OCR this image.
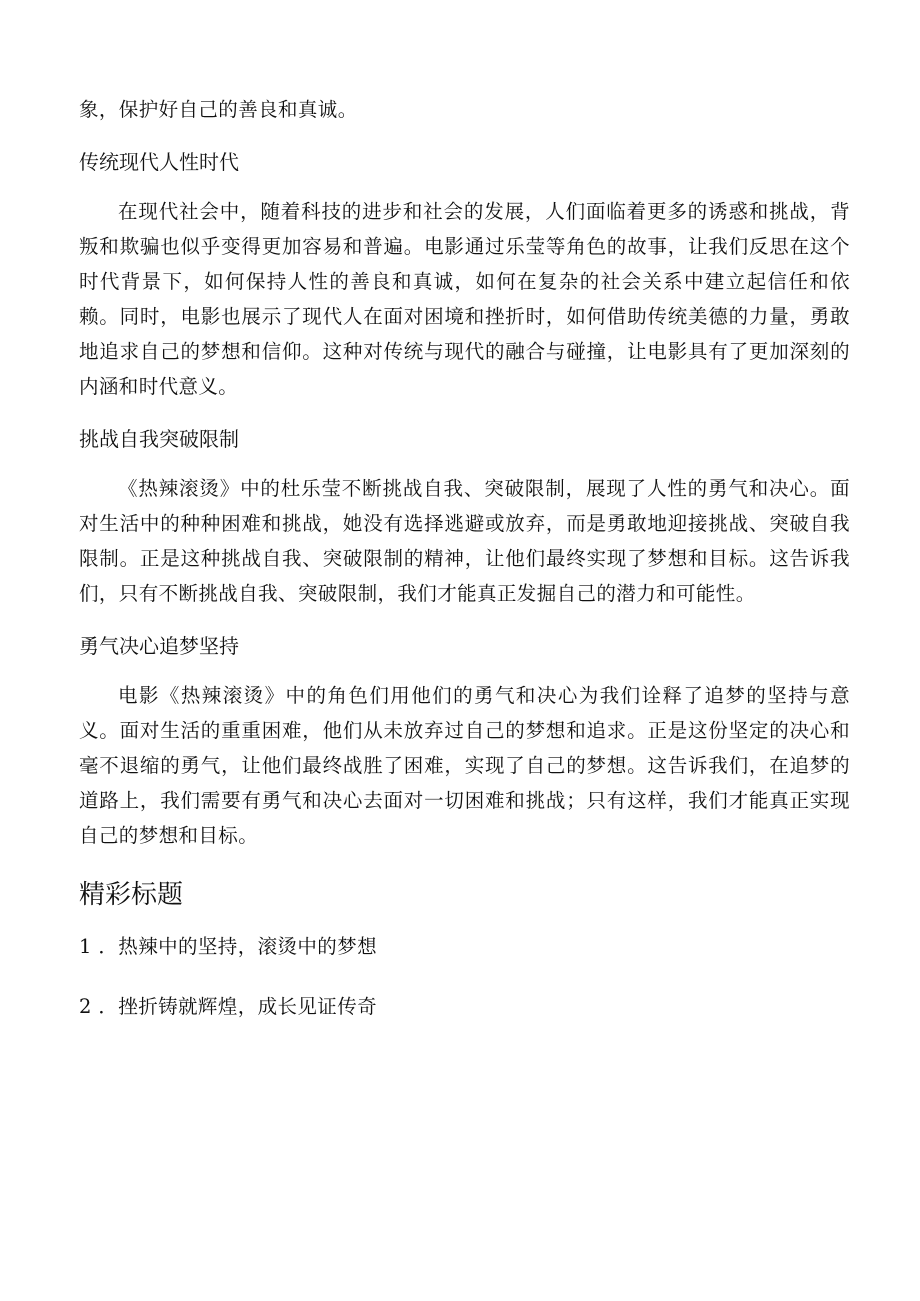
象，保护好自己的善良和真诚。

传统现代人性时代

在现代社会中，随着科技的进步和社会的发展，人们面临着更多的诱惑和挑战，背叛和欺骗也似乎变得更加容易和普遍。电影通过乐莹等角色的故事，让我们反思在这个时代背景下，如何保持人性的善良和真诚，如何在复杂的社会关系中建立起信任和依赖。同时，电影也展示了现代人在面对困境和挫折时，如何借助传统美德的力量，勇敢地追求自己的梦想和信仰。这种对传统与现代的融合与碰撞，让电影具有了更加深刻的内涵和时代意义。

挑战自我突破限制

《热辣滚烫》中的杜乐莹不断挑战自我、突破限制，展现了人性的勇气和决心。面对生活中的种种困难和挑战，她没有选择逃避或放弃，而是勇敢地迎接挑战、突破自我限制。正是这种挑战自我、突破限制的精神，让他们最终实现了梦想和目标。这告诉我们，只有不断挑战自我、突破限制，我们才能真正发掘自己的潜力和可能性。

勇气决心追梦坚持

电影《热辣滚烫》中的角色们用他们的勇气和决心为我们诠释了追梦的坚持与意义。面对生活的重重困难，他们从未放弃过自己的梦想和追求。正是这份坚定的决心和毫不退缩的勇气，让他们最终战胜了困难，实现了自己的梦想。这告诉我们，在追梦的道路上，我们需要有勇气和决心去面对一切困难和挑战；只有这样，我们才能真正实现自己的梦想和目标。

精彩标题

1 ．热辣中的坚持，滚烫中的梦想

2 ．挫折铸就辉煌，成长见证传奇
